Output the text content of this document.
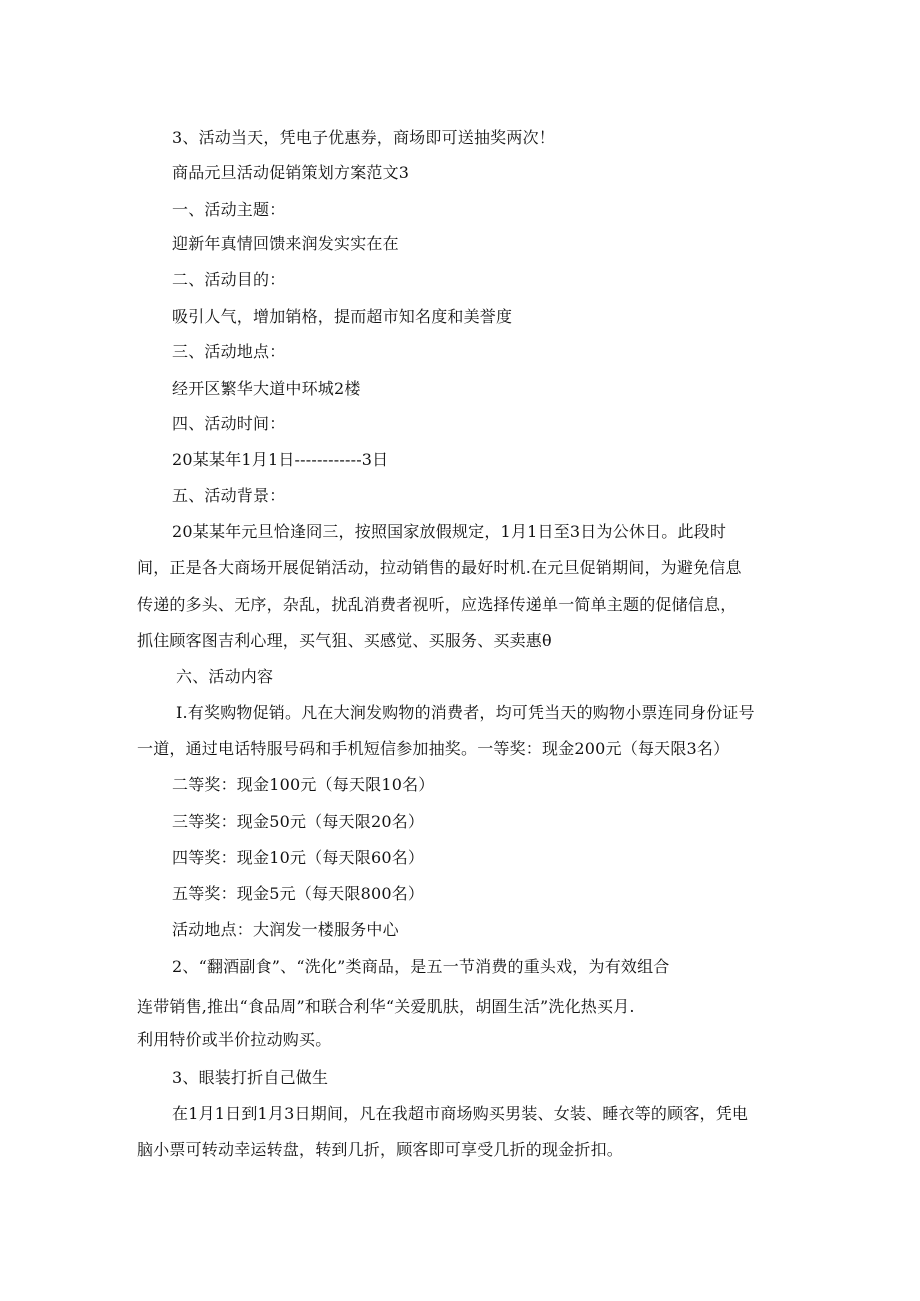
3、活动当天，凭电子优惠券，商场即可送抽奖两次！
商品元旦活动促销策划方案范文3
一、活动主题：
迎新年真情回馈来润发实实在在
二、活动目的：
吸引人气，增加销格，提而超市知名度和美誉度
三、活动地点：
经开区繁华大道中环城2楼
四、活动时间：
20某某年1月1日------------3日
五、活动背景：
20某某年元旦恰逢冏三，按照国家放假规定，1月1日至3日为公休日。此段时
间，正是各大商场开展促销活动，拉动销售的最好时机.在元旦促销期间，为避免信息
传递的多头、无序，杂乱，扰乱消费者视听，应选择传递单一简单主题的促储信息，
抓住顾客图吉利心理，买气狙、买感觉、买服务、买卖惠θ
六、活动内容
I.有奖购物促销。凡在大涧发购物的消费者，均可凭当天的购物小票连同身份证号
一道，通过电话特服号码和手机短信参加抽奖。一等奖：现金200元（每天限3名）
二等奖：现金100元（每天限10名）
三等奖：现金50元（每天限20名）
四等奖：现金10元（每天限60名）
五等奖：现金5元（每天限800名）
活动地点：大润发一楼服务中心
2、“翻酒副食”、“洗化”类商品，是五一节消费的重头戏，为有效组合
连带销售,推出“食品周”和联合利华“关爱肌肤，胡圄生活”洗化热买月.
利用特价或半价拉动购买。
3、眼装打折自己做生
在1月1日到1月3日期间，凡在我超市商场购买男装、女装、睡衣等的顾客，凭电
脑小票可转动幸运转盘，转到几折，顾客即可享受几折的现金折扣。
